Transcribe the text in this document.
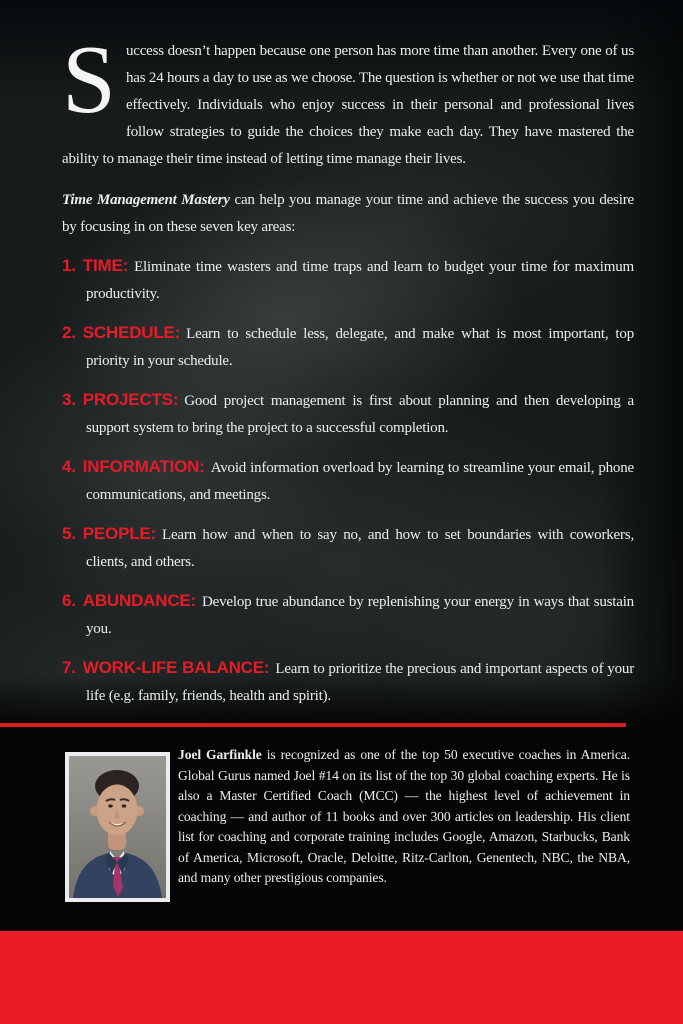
Success doesn’t happen because one person has more time than another. Every one of us has 24 hours a day to use as we choose. The question is whether or not we use that time effectively. Individuals who enjoy success in their personal and professional lives follow strategies to guide the choices they make each day. They have mastered the ability to manage their time instead of letting time manage their lives.

Time Management Mastery can help you manage your time and achieve the success you desire by focusing in on these seven key areas:

1. TIME: Eliminate time wasters and time traps and learn to budget your time for maximum productivity.

2. SCHEDULE: Learn to schedule less, delegate, and make what is most important, top priority in your schedule.

3. PROJECTS: Good project management is first about planning and then developing a support system to bring the project to a successful completion.

4. INFORMATION: Avoid information overload by learning to streamline your email, phone communications, and meetings.

5. PEOPLE: Learn how and when to say no, and how to set boundaries with coworkers, clients, and others.

6. ABUNDANCE: Develop true abundance by replenishing your energy in ways that sustain you.

7. WORK-LIFE BALANCE: Learn to prioritize the precious and important aspects of your life (e.g. family, friends, health and spirit).

Joel Garfinkle is recognized as one of the top 50 executive coaches in America. Global Gurus named Joel #14 on its list of the top 30 global coaching experts. He is also a Master Certified Coach (MCC) — the highest level of achievement in coaching — and author of 11 books and over 300 articles on leadership. His client list for coaching and corporate training includes Google, Amazon, Starbucks, Bank of America, Microsoft, Oracle, Deloitte, Ritz-Carlton, Genentech, NBC, the NBA, and many other prestigious companies.
